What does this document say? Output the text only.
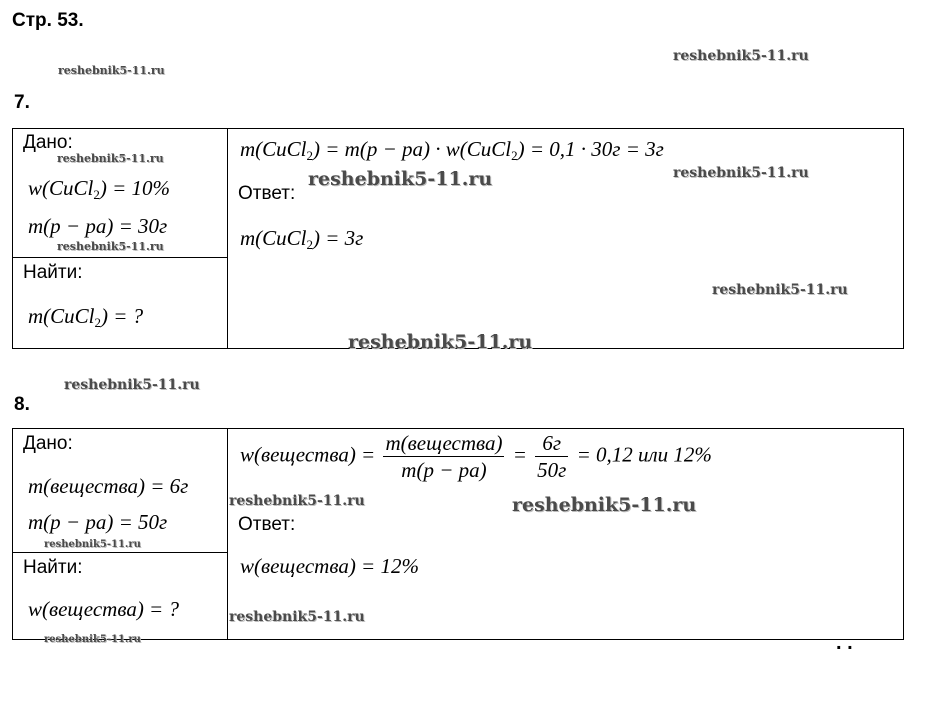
Стр. 53.
reshebnik5-11.ru
reshebnik5-11.ru
7.
Дано:
reshebnik5-11.ru
w(CuCl$_2$) = 10%
m(p − pa) = 30г
reshebnik5-11.ru
Найти:
m(CuCl$_2$) = ?
m(CuCl$_2$) = m(p − pa) · w(CuCl$_2$) = 0,1 · 30г = 3г
reshebnik5-11.ru
Ответ:
reshebnik5-11.ru
m(CuCl$_2$) = 3г
reshebnik5-11.ru
reshebnik5-11.ru
reshebnik5-11.ru
8.
Дано:
m(вещества) = 6г
m(p − pa) = 50г
reshebnik5-11.ru
Найти:
w(вещества) = ?
reshebnik5-11.ru
w(вещества) = $\frac{\text{m(вещества)}}{m(p - pa)} = \frac{6г}{50г} = 0,12$ или 12%
reshebnik5-11.ru	reshebnik5-11.ru
Ответ:
w(вещества) = 12%
reshebnik5-11.ru
. .
